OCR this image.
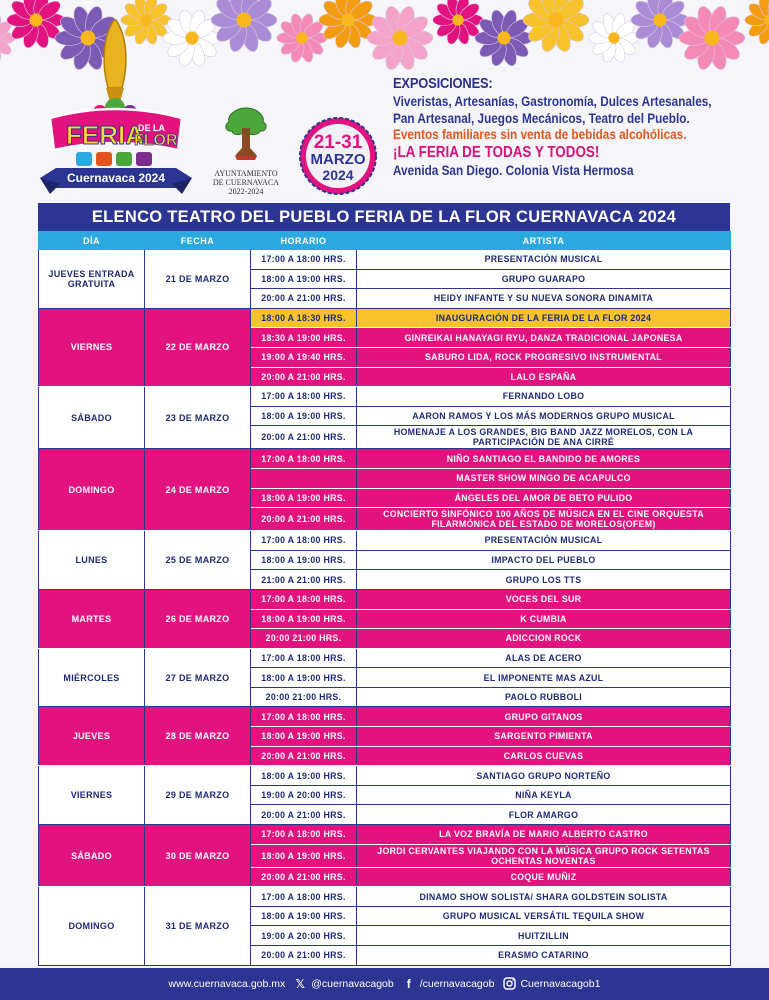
FERIA
DE LA
FLOR
Cuernavaca 2024	AYUNTAMIENTO
DE CUERNAVACA
2022-2024
21-31
MARZO
2024
EXPOSICIONES:
Viveristas, Artesanías, Gastronomía, Dulces Artesanales,
Pan Artesanal, Juegos Mecánicos, Teatro del Pueblo.
Eventos familiares sin venta de bebidas alcohólicas.
¡LA FERIA DE TODAS Y TODOS!
Avenida San Diego. Colonia Vista Hermosa
ELENCO TEATRO DEL PUEBLO FERIA DE LA FLOR CUERNAVACA 2024
DÍA	FECHA	HORARIO	ARTISTA
JUEVES ENTRADA GRATUITA	21 DE MARZO	17:00 A 18:00 HRS.	PRESENTACIÓN MUSICAL
		18:00 A 19:00 HRS.	GRUPO GUARAPO
		20:00 A 21:00 HRS.	HEIDY INFANTE Y SU NUEVA SONORA DINAMITA
VIERNES	22 DE MARZO	18:00 A 18:30 HRS.	INAUGURACIÓN DE LA FERIA DE LA FLOR 2024
		18:30 A 19:00 HRS.	GINREIKAI HANAYAGI RYU, DANZA TRADICIONAL JAPONESA
		19:00 A 19:40 HRS.	SABURO LIDA, ROCK PROGRESIVO INSTRUMENTAL
		20:00 A 21:00 HRS.	LALO ESPAÑA
SÁBADO	23 DE MARZO	17:00 A 18:00 HRS.	FERNANDO LOBO
		18:00 A 19:00 HRS.	AARON RAMOS Y LOS MÁS MODERNOS GRUPO MUSICAL
		20:00 A 21:00 HRS.	HOMENAJE A LOS GRANDES, BIG BAND JAZZ MORELOS, CON LA PARTICIPACIÓN DE ANA CIRRÉ
DOMINGO	24 DE MARZO	17:00 A 18:00 HRS.	NIÑO SANTIAGO EL BANDIDO DE AMORES
			MASTER SHOW MINGO DE ACAPULCO
		18:00 A 19:00 HRS.	ÁNGELES DEL AMOR DE BETO PULIDO
		20:00 A 21:00 HRS.	CONCIERTO SINFÓNICO 100 AÑOS DE MÚSICA EN EL CINE ORQUESTA FILARMÓNICA DEL ESTADO DE MORELOS(OFEM)
LUNES	25 DE MARZO	17:00 A 18:00 HRS.	PRESENTACIÓN MUSICAL
		18:00 A 19:00 HRS.	IMPACTO DEL PUEBLO
		21:00 A 21:00 HRS.	GRUPO LOS TTS
MARTES	26 DE MARZO	17:00 A 18:00 HRS.	VOCES DEL SUR
		18:00 A 19:00 HRS.	K CUMBIA
		20:00 21:00 HRS.	ADICCION ROCK
MIÉRCOLES	27 DE MARZO	17:00 A 18:00 HRS.	ALAS DE ACERO
		18:00 A 19:00 HRS.	EL IMPONENTE MAS AZUL
		20:00 21:00 HRS.	PAOLO RUBBOLI
JUEVES	28 DE MARZO	17:00 A 18:00 HRS.	GRUPO GITANOS
		18:00 A 19:00 HRS.	SARGENTO PIMIENTA
		20:00 A 21:00 HRS.	CARLOS CUEVAS
VIERNES	29 DE MARZO	18:00 A 19:00 HRS.	SANTIAGO GRUPO NORTEÑO
		19:00 A 20:00 HRS.	NIÑA KEYLA
		20:00 A 21:00 HRS.	FLOR AMARGO
SÁBADO	30 DE MARZO	17:00 A 18:00 HRS.	LA VOZ BRAVÍA DE MARIO ALBERTO CASTRO
		18:00 A 19:00 HRS.	JORDI CERVANTES VIAJANDO CON LA MÚSICA GRUPO ROCK SETENTAS OCHENTAS NOVENTAS
		20:00 A 21:00 HRS.	COQUE MUÑIZ
DOMINGO	31 DE MARZO	17:00 A 18:00 HRS.	DINAMO SHOW SOLISTA/ SHARA GOLDSTEIN SOLISTA
		18:00 A 19:00 HRS.	GRUPO MUSICAL VERSÁTIL TEQUILA SHOW
		19:00 A 20:00 HRS.	HUITZILLIN
		20:00 A 21:00 HRS.	ERASMO CATARINO
www.cuernavaca.gob.mx 𝕏 @cuernavacagob	f /cuernavacagob Cuernavacagob1
